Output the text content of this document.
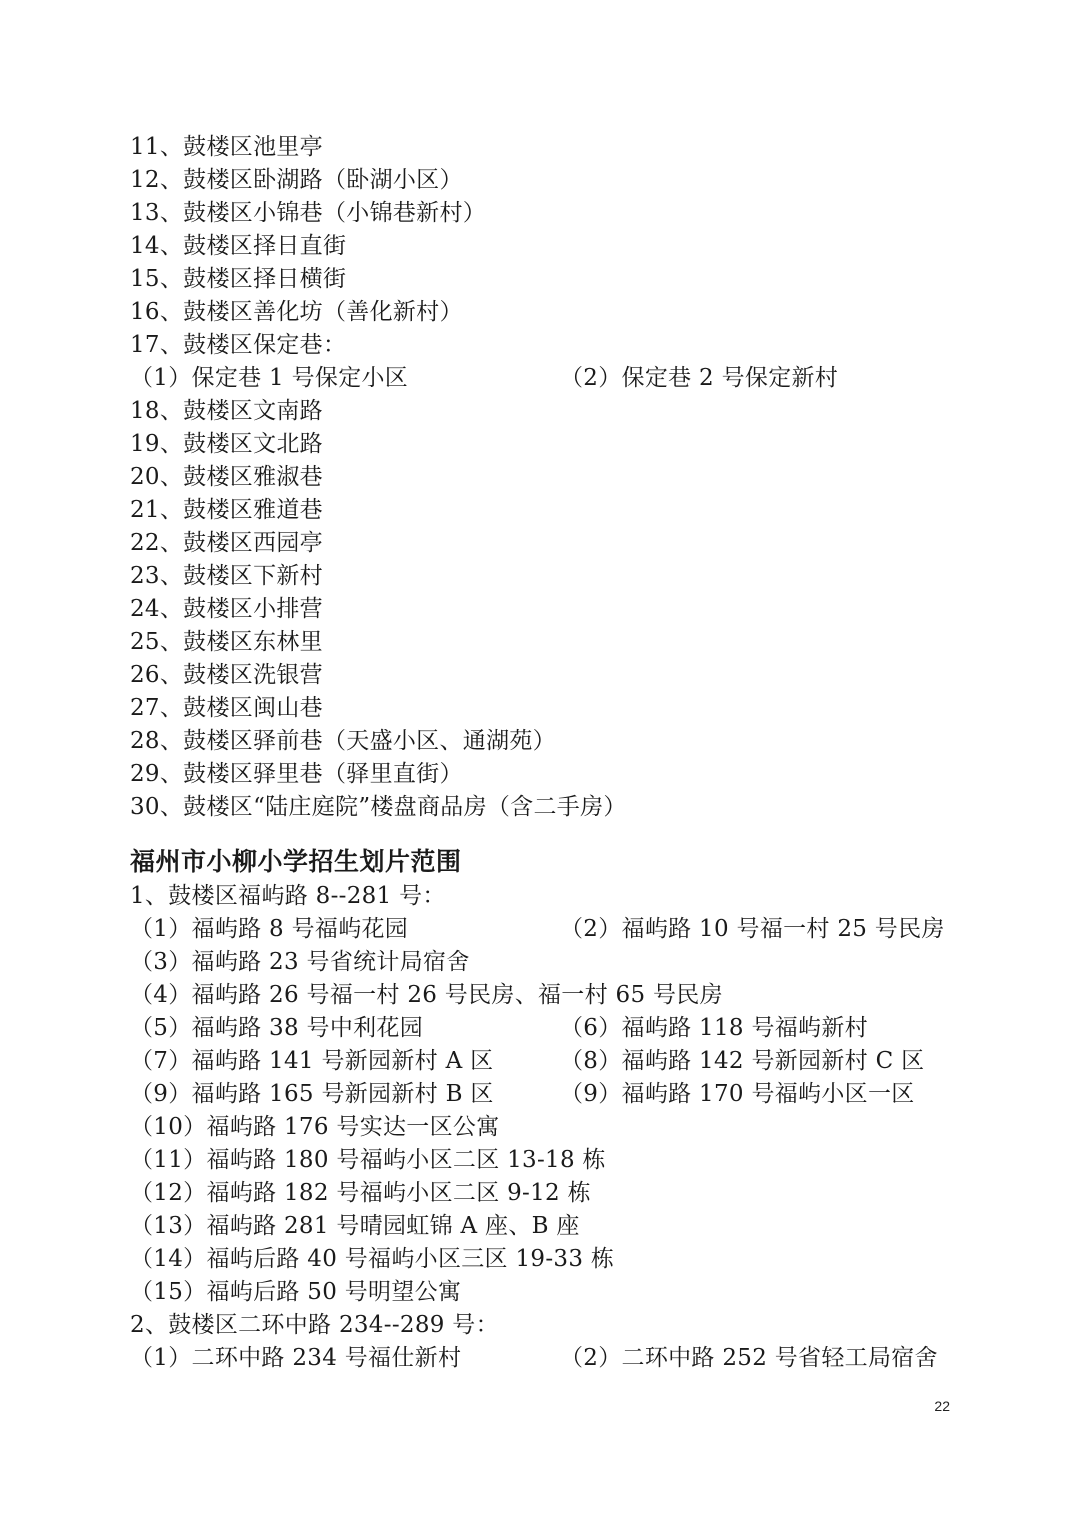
11、鼓楼区池里亭
12、鼓楼区卧湖路（卧湖小区）
13、鼓楼区小锦巷（小锦巷新村）
14、鼓楼区择日直街
15、鼓楼区择日横街
16、鼓楼区善化坊（善化新村）
17、鼓楼区保定巷：
（1）保定巷 1 号保定小区	（2）保定巷 2 号保定新村
18、鼓楼区文南路
19、鼓楼区文北路
20、鼓楼区雅淑巷
21、鼓楼区雅道巷
22、鼓楼区西园亭
23、鼓楼区下新村
24、鼓楼区小排营
25、鼓楼区东林里
26、鼓楼区洗银营
27、鼓楼区闽山巷
28、鼓楼区驿前巷（天盛小区、通湖苑）
29、鼓楼区驿里巷（驿里直街）
30、鼓楼区“陆庄庭院”楼盘商品房（含二手房）
福州市小柳小学招生划片范围
1、鼓楼区福屿路 8--281 号：
（1）福屿路 8 号福屿花园	（2）福屿路 10 号福一村 25 号民房
（3）福屿路 23 号省统计局宿舍
（4）福屿路 26 号福一村 26 号民房、福一村 65 号民房
（5）福屿路 38 号中利花园	（6）福屿路 118 号福屿新村
（7）福屿路 141 号新园新村 A 区	（8）福屿路 142 号新园新村 C 区
（9）福屿路 165 号新园新村 B 区	（9）福屿路 170 号福屿小区一区
（10）福屿路 176 号实达一区公寓
（11）福屿路 180 号福屿小区二区 13-18 栋
（12）福屿路 182 号福屿小区二区 9-12 栋
（13）福屿路 281 号晴园虹锦 A 座、B 座
（14）福屿后路 40 号福屿小区三区 19-33 栋
（15）福屿后路 50 号明望公寓
2、鼓楼区二环中路 234--289 号：
（1）二环中路 234 号福仕新村	（2）二环中路 252 号省轻工局宿舍
22
